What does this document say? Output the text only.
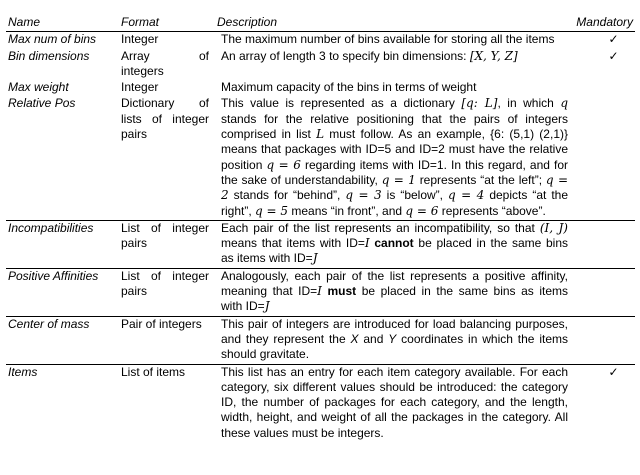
Name	Format	Description	Mandatory
Max num of bins	Integer	The maximum number of bins available for storing all the items	✓
Bin dimensions	Array of integers	An array of length 3 to specify bin dimensions: [X, Y, Z]	✓
Max weight	Integer	Maximum capacity of the bins in terms of weight	
Relative Pos	Dictionary of lists of integer pairs	This value is represented as a dictionary [q: L], in which q stands for the relative positioning that the pairs of integers comprised in list L must follow. As an example, {6: (5,1) (2,1)} means that packages with ID=5 and ID=2 must have the relative position q = 6 regarding items with ID=1. In this regard, and for the sake of understandability, q = 1 represents “at the left”; q = 2 stands for “behind”, q = 3 is “below”, q = 4 depicts “at the right”, q = 5 means “in front”, and q = 6 represents “above”.	
Incompatibilities	List of integer pairs	Each pair of the list represents an incompatibility, so that (I, J) means that items with ID=I cannot be placed in the same bins as items with ID=J	
Positive Affinities	List of integer pairs	Analogously, each pair of the list represents a positive affinity, meaning that ID=I must be placed in the same bins as items with ID=J	
Center of mass	Pair of integers	This pair of integers are introduced for load balancing purposes, and they represent the X and Y coordinates in which the items should gravitate.	
Items	List of items	This list has an entry for each item category available. For each category, six different values should be introduced: the category ID, the number of packages for each category, and the length, width, height, and weight of all the packages in the category. All these values must be integers.	✓
